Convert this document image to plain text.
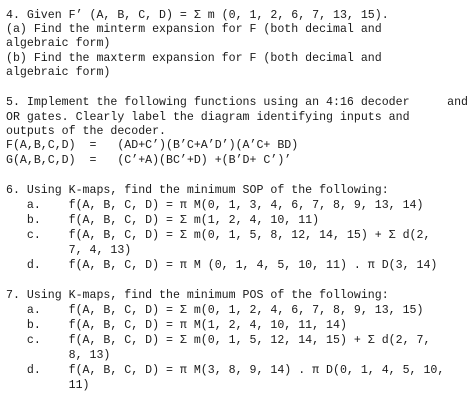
4. Given F’ (A, B, C, D) = Σ m (0, 1, 2, 6, 7, 13, 15).

(a) Find the minterm expansion for F (both decimal and

algebraic form)

(b) Find the maxterm expansion for F (both decimal and

algebraic form)

5. Implement the following functions using an 4:16 decoder	and

OR gates. Clearly label the diagram identifying inputs and

outputs of the decoder.

F(A,B,C,D)  =   (AD+C’)(B’C+A’D’)(A’C+ BD)

G(A,B,C,D)  =   (C’+A)(BC’+D) +(B’D+ C’)’

6. Using K-maps, find the minimum SOP of the following:

a.    f(A, B, C, D) = π M(0, 1, 3, 4, 6, 7, 8, 9, 13, 14)

b.    f(A, B, C, D) = Σ m(1, 2, 4, 10, 11)

c.    f(A, B, C, D) = Σ m(0, 1, 5, 8, 12, 14, 15) + Σ d(2,

7, 4, 13)

d.    f(A, B, C, D) = π M (0, 1, 4, 5, 10, 11) . π D(3, 14)

7. Using K-maps, find the minimum POS of the following:

a.    f(A, B, C, D) = Σ m(0, 1, 2, 4, 6, 7, 8, 9, 13, 15)

b.    f(A, B, C, D) = π M(1, 2, 4, 10, 11, 14)

c.    f(A, B, C, D) = Σ m(0, 1, 5, 12, 14, 15) + Σ d(2, 7,

8, 13)

d.    f(A, B, C, D) = π M(3, 8, 9, 14) . π D(0, 1, 4, 5, 10,

11)
